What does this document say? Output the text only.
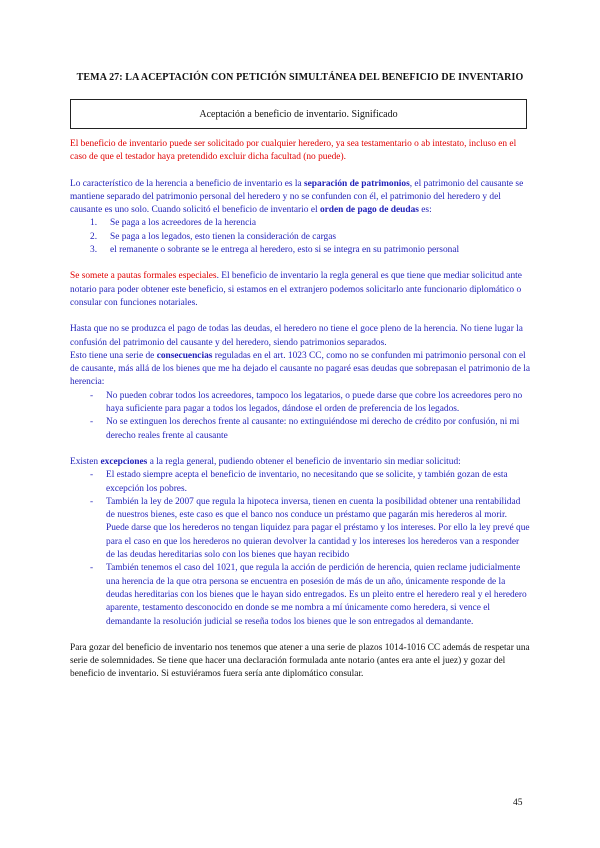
TEMA 27: LA ACEPTACIÓN CON PETICIÓN SIMULTÁNEA DEL BENEFICIO DE INVENTARIO
Aceptación a beneficio de inventario. Significado

El beneficio de inventario puede ser solicitado por cualquier heredero, ya sea testamentario o ab intestato, incluso en el caso de que el testador haya pretendido excluir dicha facultad (no puede).

Lo característico de la herencia a beneficio de inventario es la separación de patrimonios, el patrimonio del causante se mantiene separado del patrimonio personal del heredero y no se confunden con él, el patrimonio del heredero y del causante es uno solo. Cuando solicitó el beneficio de inventario el orden de pago de deudas es:

1. Se paga a los acreedores de la herencia
2. Se paga a los legados, esto tienen la consideración de cargas
3. el remanente o sobrante se le entrega al heredero, esto si se integra en su patrimonio personal

Se somete a pautas formales especiales. El beneficio de inventario la regla general es que tiene que mediar solicitud ante notario para poder obtener este beneficio, si estamos en el extranjero podemos solicitarlo ante funcionario diplomático o consular con funciones notariales.

Hasta que no se produzca el pago de todas las deudas, el heredero no tiene el goce pleno de la herencia. No tiene lugar la confusión del patrimonio del causante y del heredero, siendo patrimonios separados.

Esto tiene una serie de consecuencias reguladas en el art. 1023 CC, como no se confunden mi patrimonio personal con el de causante, más allá de los bienes que me ha dejado el causante no pagaré esas deudas que sobrepasan el patrimonio de la herencia:

- No pueden cobrar todos los acreedores, tampoco los legatarios, o puede darse que cobre los acreedores pero no haya suficiente para pagar a todos los legados, dándose el orden de preferencia de los legados.
- No se extinguen los derechos frente al causante: no extinguiéndose mi derecho de crédito por confusión, ni mi derecho reales frente al causante

Existen excepciones a la regla general, pudiendo obtener el beneficio de inventario sin mediar solicitud:

- El estado siempre acepta el beneficio de inventario, no necesitando que se solicite, y también gozan de esta excepción los pobres.
- También la ley de 2007 que regula la hipoteca inversa, tienen en cuenta la posibilidad obtener una rentabilidad de nuestros bienes, este caso es que el banco nos conduce un préstamo que pagarán mis herederos al morir. Puede darse que los herederos no tengan liquidez para pagar el préstamo y los intereses. Por ello la ley prevé que para el caso en que los herederos no quieran devolver la cantidad y los intereses los herederos van a responder de las deudas hereditarias solo con los bienes que hayan recibido
- También tenemos el caso del 1021, que regula la acción de perdición de herencia, quien reclame judicialmente una herencia de la que otra persona se encuentra en posesión de más de un año, únicamente responde de la deudas hereditarias con los bienes que le hayan sido entregados. Es un pleito entre el heredero real y el heredero aparente, testamento desconocido en donde se me nombra a mí únicamente como heredera, si vence el demandante la resolución judicial se reseña todos los bienes que le son entregados al demandante.

Para gozar del beneficio de inventario nos tenemos que atener a una serie de plazos 1014-1016 CC además de respetar una serie de solemnidades. Se tiene que hacer una declaración formulada ante notario (antes era ante el juez) y gozar del beneficio de inventario. Si estuviéramos fuera sería ante diplomático consular.

45
